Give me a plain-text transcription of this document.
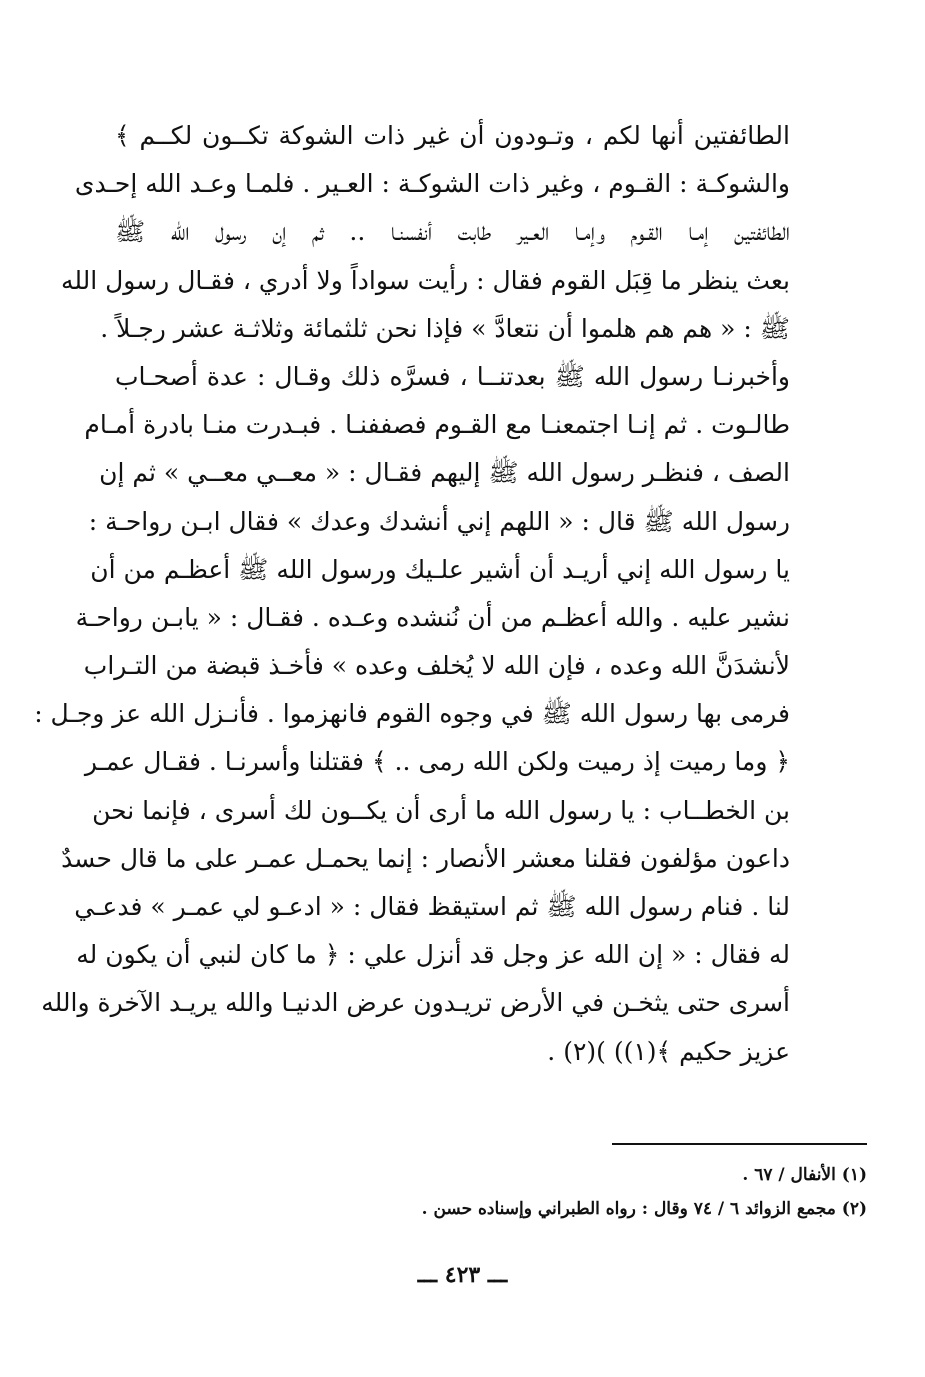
الطائفتين أنها لكم ، وتـودون أن غير ذات الشوكة تكــون لكــم ﴾
والشوكـة : القـوم ، وغير ذات الشوكـة : العـير . فلمـا وعـد الله إحـدى
الطائفتين إمـا القـوم وإمـا العـير طابت أنفسنـا .. ثم إن رسول الله ﷺ
بعث ينظر ما قِبَل القوم فقال : رأيت سواداً ولا أدري ، فقـال رسول الله
ﷺ : « هم هم هلموا أن نتعادَّ » فإذا نحن ثلثمائة وثلاثـة عشر رجـلاً .
وأخبرنـا رسول الله ﷺ بعدتنــا ، فسرَّه ذلك وقـال : عدة أصحـاب
طالـوت . ثم إنـا اجتمعنـا مع القـوم فصففنـا . فبـدرت منـا بادرة أمـام
الصف ، فنظـر رسول الله ﷺ إليهم فقـال : « معــي معــي » ثم إن
رسول الله ﷺ قال : « اللهم إني أنشدك وعدك » فقال ابـن رواحـة :
يا رسول الله إني أريـد أن أشير علـيك ورسول الله ﷺ أعظـم من أن
نشير عليه . والله أعظـم من أن نُنشده وعـده . فقـال : « يابـن رواحـة
لأنشدَنَّ الله وعده ، فإن الله لا يُخلف وعده » فأخـذ قبضة من التـراب
فرمى بها رسول الله ﷺ في وجوه القوم فانهزموا . فأنـزل الله عز وجـل :
﴿ وما رميت إذ رميت ولكن الله رمى .. ﴾ فقتلنا وأسرنـا . فقـال عمـر
بن الخطــاب : يا رسول الله ما أرى أن يكــون لك أسرى ، فإنما نحن
داعون مؤلفون فقلنا معشر الأنصار : إنما يحمـل عمـر على ما قال حسدٌ
لنا . فنام رسول الله ﷺ ثم استيقظ فقال : « ادعـو لي عمـر » فدعـي
له فقال : « إن الله عز وجل قد أنزل علي : ﴿ ما كان لنبي أن يكون له
أسرى حتى يثخـن في الأرض تريـدون عرض الدنيـا والله يريـد الآخرة والله
عزيز حكيم ﴾(١)) )(٢) .
(١) الأنفال / ٦٧ .
(٢) مجمع الزوائد ٦ / ٧٤ وقال : رواه الطبراني وإسناده حسن .
ـــ ٤٢٣ ـــ
